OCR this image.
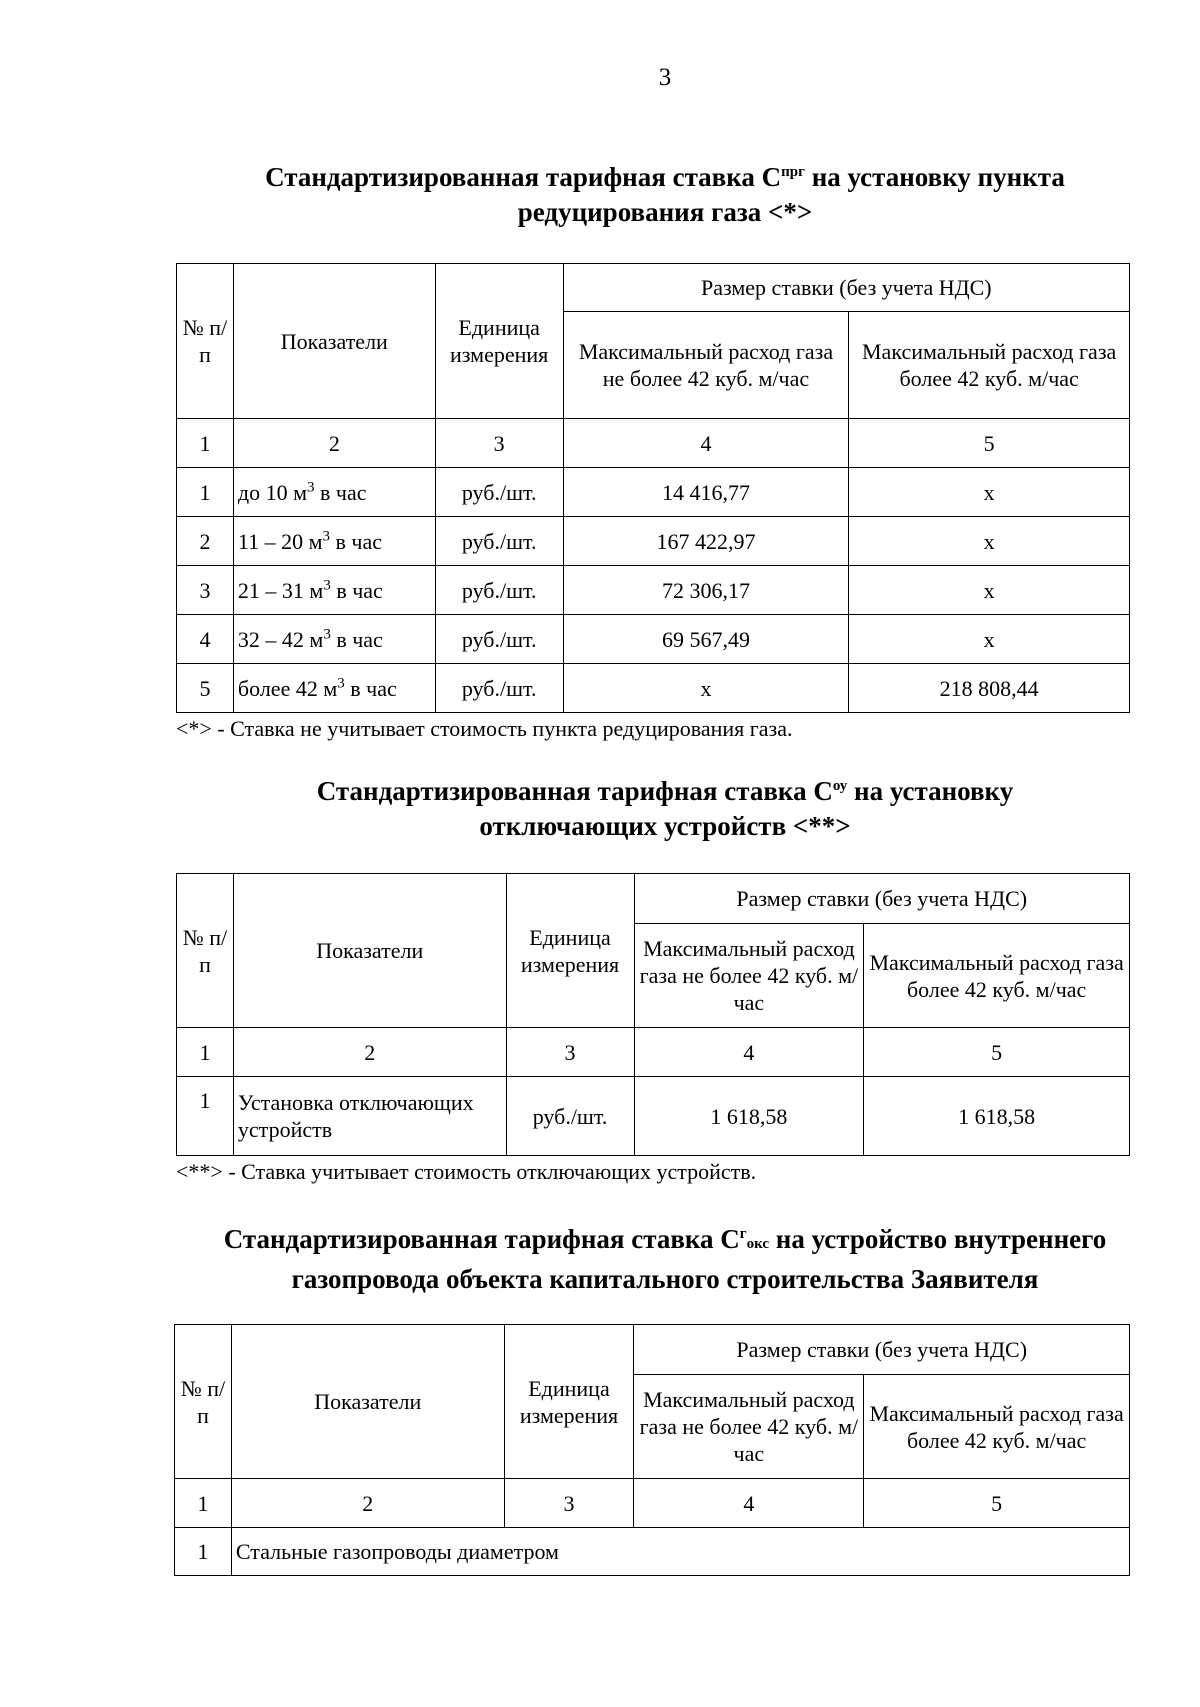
3
Стандартизированная тарифная ставка $С^{прг}$ на установку пункта
редуцирования газа <*>
№ п/п	Показатели	Единица измерения	Размер ставки (без учета НДС)	
			Максимальный расход газа не более 42 куб. м/час	Максимальный расход газа более 42 куб. м/час
1	2	3	4	5
1	до 10 $м^3$ в час	руб./шт.	14 416,77	х
2	11 – 20 $м^3$ в час	руб./шт.	167 422,97	х
3	21 – 31 $м^3$ в час	руб./шт.	72 306,17	х
4	32 – 42 $м^3$ в час	руб./шт.	69 567,49	х
5	более 42 $м^3$ в час	руб./шт.	х	218 808,44
<*> - Ставка не учитывает стоимость пункта редуцирования газа.
Стандартизированная тарифная ставка $С^{оу}$ на установку
отключающих устройств <**>
№ п/п	Показатели	Единица измерения	Размер ставки (без учета НДС)	
			Максимальный расход газа не более 42 куб. м/час	Максимальный расход газа более 42 куб. м/час
1	2	3	4	5
1	Установка отключающих устройств	руб./шт.	1 618,58	1 618,58
<**> - Ставка учитывает стоимость отключающих устройств.
Стандартизированная тарифная ставка $С^гокс$ на устройство внутреннего
газопровода объекта капитального строительства Заявителя
№ п/п	Показатели	Единица измерения	Размер ставки (без учета НДС)	
			Максимальный расход газа не более 42 куб. м/час	Максимальный расход газа более 42 куб. м/час
1	2	3	4	5
1	Стальные газопроводы диаметром			
